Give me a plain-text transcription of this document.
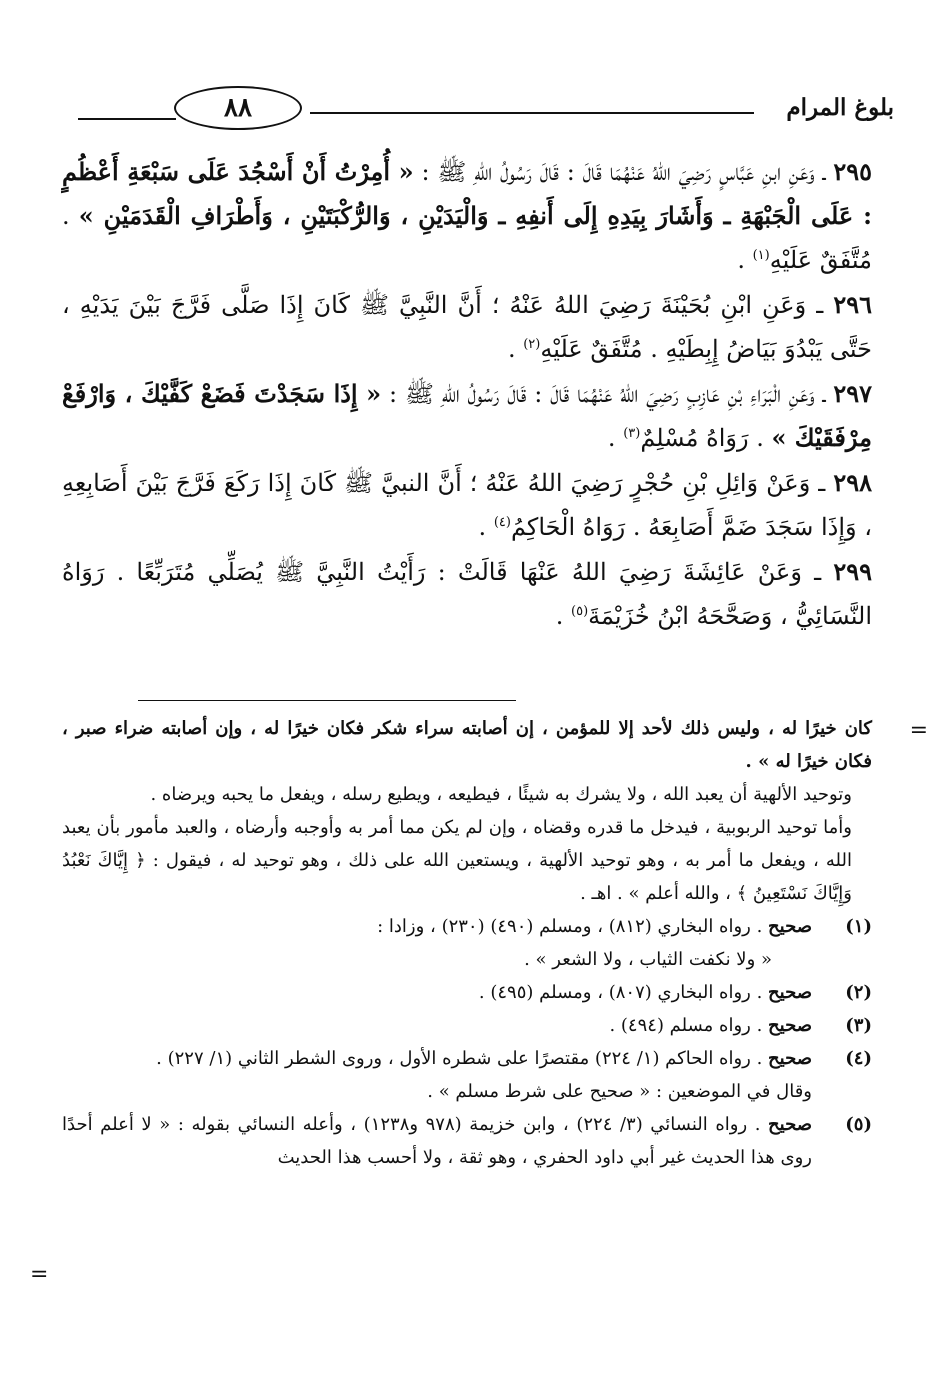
بلوغ المرام
٨٨

٢٩٥ ـ وَعَنِ ابنِ عَبَّاسٍ رَضِيَ اللهُ عَنْهُمَا قَالَ : قَالَ رَسُولُ اللهِ ﷺ : « أُمِرْتُ أَنْ أَسْجُدَ عَلَى سَبْعَةِ أَعْظُمٍ : عَلَى الْجَبْهَةِ ـ وَأَشَارَ بِيَدِهِ إِلَى أَنفِهِ ـ وَالْيَدَيْنِ ، وَالرُّكْبَتَيْنِ ، وَأَطْرَافِ الْقَدَمَيْنِ » . مُتَّفَقٌ عَلَيْهِ$^{(١)}$ .

٢٩٦ ـ وَعَنِ ابْنِ بُحَيْنَةَ رَضِيَ اللهُ عَنْهُ ؛ أَنَّ النَّبِيَّ ﷺ كَانَ إِذَا صَلَّى فَرَّجَ بَيْنَ يَدَيْهِ ، حَتَّى يَبْدُوَ بَيَاضُ إِبِطَيْهِ . مُتَّفَقٌ عَلَيْهِ$^{(٢)}$ .

٢٩٧ ـ وَعَنِ الْبَرَاءِ بْنِ عَازِبٍ رَضِيَ اللهُ عَنْهُمَا قَالَ : قَالَ رَسُولُ اللهِ ﷺ : « إِذَا سَجَدْتَ فَضَعْ كَفَّيْكَ ، وَارْفَعْ مِرْفَقَيْكَ » . رَوَاهُ مُسْلِمٌ$^{(٣)}$ .

٢٩٨ ـ وَعَنْ وَائِلِ بْنِ حُجْرٍ رَضِيَ اللهُ عَنْهُ ؛ أَنَّ النبيَّ ﷺ كَانَ إِذَا رَكَعَ فَرَّجَ بَيْنَ أَصَابِعِهِ ، وَإِذَا سَجَدَ ضَمَّ أَصَابِعَهُ . رَوَاهُ الْحَاكِمُ$^{(٤)}$ .

٢٩٩ ـ وَعَنْ عَائِشَةَ رَضِيَ اللهُ عَنْهَا قَالَتْ : رَأَيْتُ النَّبِيَّ ﷺ يُصَلِّي مُتَرَبِّعًا . رَوَاهُ النَّسَائِيُّ ، وَصَحَّحَهُ ابْنُ خُزَيْمَةَ$^{(٥)}$ .

=

كان خيرًا له ، وليس ذلك لأحد إلا للمؤمن ، إن أصابته سراء شكر فكان خيرًا له ، وإن أصابته ضراء صبر ، فكان خيرًا له » .

وتوحيد الألهية أن يعبد الله ، ولا يشرك به شيئًا ، فيطيعه ، ويطيع رسله ، ويفعل ما يحبه ويرضاه .

وأما توحيد الربوبية ، فيدخل ما قدره وقضاه ، وإن لم يكن مما أمر به وأوجبه وأرضاه ، والعبد مأمور بأن يعبد الله ، ويفعل ما أمر به ، وهو توحيد الألهية ، ويستعين الله على ذلك ، وهو توحيد له ، فيقول : ﴿ إِيَّاكَ نَعْبُدُ وَإِيَّاكَ نَسْتَعِينُ ﴾ ، والله أعلم » . اهـ .

(١)
صحيح . رواه البخاري (٨١٢) ، ومسلم (٤٩٠) (٢٣٠) ، وزادا :

« ولا نكفت الثياب ، ولا الشعر » .

(٢)
صحيح . رواه البخاري (٨٠٧) ، ومسلم (٤٩٥) .
(٣)
صحيح . رواه مسلم (٤٩٤) .
(٤)
صحيح . رواه الحاكم (١/ ٢٢٤) مقتصرًا على شطره الأول ، وروى الشطر الثاني (١/ ٢٢٧) .

وقال في الموضعين : « صحيح على شرط مسلم » .

(٥)
صحيح . رواه النسائي (٣/ ٢٢٤) ، وابن خزيمة (٩٧٨ و١٢٣٨) ، وأعله النسائي بقوله : « لا أعلم أحدًا روى هذا الحديث غير أبي داود الحفري ، وهو ثقة ، ولا أحسب هذا الحديث
=
